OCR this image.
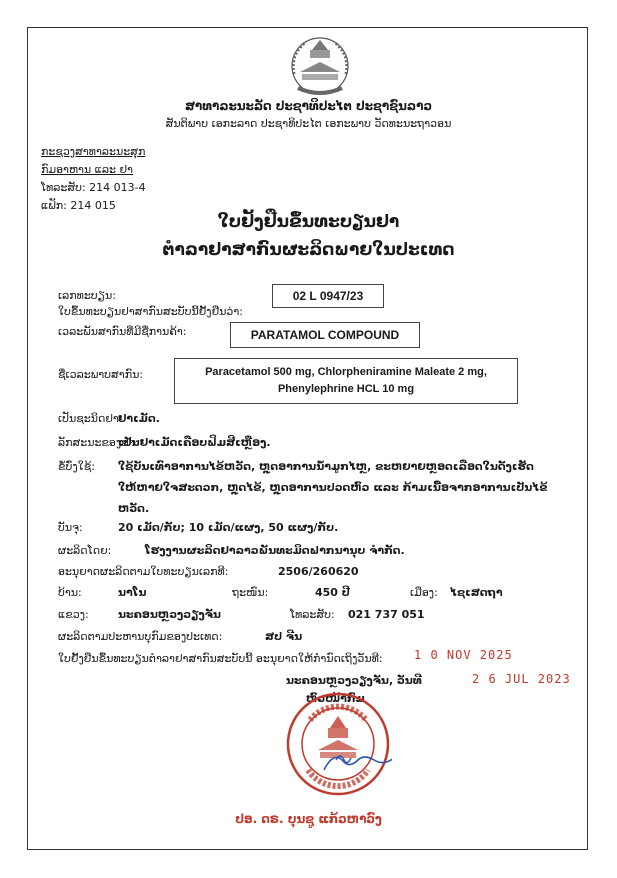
ສາທາລະນະລັດ ປະຊາທິປະໄຕ ປະຊາຊົນລາວ
ສັນຕິພາບ ເອກະລາດ ປະຊາທິປະໄຕ ເອກະພາບ ວັດທະນະຖາວອນ
ກະຊວງສາທາລະນະສຸກ
ກົມອາຫານ ແລະ ຢາ
ໂທລະສັບ: 214 013-4
ແຟັກ: 214 015
ໃບຢັ້ງຢືນຂຶ້ນທະບຽນຢາ
ຕຳລາຢາສາກົນຜະລິດພາຍໃນປະເທດ
ເລກທະບຽນ:	02 L 0947/23
ໃບຂຶ້ນທະບຽນຢາສາກົນສະບັບນີ້ຢັ້ງຢືນວ່າ:
ເວລະພັນສາກົນທີ່ມີຊື່ການຄ້າ:	PARATAMOL COMPOUND
ຊື່ເວລະພາບສາກົນ:	Paracetamol 500 mg, Chlorpheniramine Maleate 2 mg,
Phenylephrine HCL 10 mg
ເປັນຊະນິດຢາ:
ຢາເມັດ.
ລັກສະນະຂອງຢາ:
ເປັນຢາເມັດເຄືອບຟິມສີເຫຼືອງ.
ຂໍ້ບົ່ງໃຊ້: ໃຊ້ບັນເທົາອາການໄຂ້ຫວັດ, ຫຼຸດອາການນ້ຳມູກໄຫຼ, ຂະຫຍາຍຫຼອດເລືອດໃນດັງເຮັດ
ໃຫ້ຫາຍໃຈສະດວກ, ຫຼຸດໄຂ້, ຫຼຸດອາການປວດຫົວ ແລະ ກ້າມເນື້ອຈາກອາການເປັນໄຂ້
ຫວັດ.
ບັນຈຸ:	20 ເມັດ/ກັບ; 10 ເມັດ/ແຜງ, 50 ແຜງ/ກັບ.
ຜະລິດໂດຍ:	ໂຮງງານຜະລິດຢາລາວພັນທະມິດຟາກນານຸບ ຈຳກັດ.
ອະນຸຍາດຜະລິດຕາມໃບທະບຽນເລກທີ:	2506/260620
ບ້ານ:	ນາໂນ	ຖະໜົນ:	450 ປີ	ເມືອງ: ໄຊເສດຖາ
ແຂວງ:	ນະຄອນຫຼວງວຽງຈັນ	ໂທລະສັບ: 021 737 051
ຜະລິດຕາມປະຫານບຸກົມຂອງປະເທດ:	ສປ ຈີນ
ໃບຢັ້ງຢືນຂຶ້ນທະບຽນຕຳລາຢາສາກົນສະບັບນີ້ ອະນຸຍາດໃຫ້ກຳນົດເຖິງວັນທີ:	1 0 NOV 2025
ນະຄອນຫຼວງວຽງຈັນ, ວັນທີ	2 6 JUL 2023
ຫົວໜ້າກົມ
ປອ. ດຣ. ບຸນຊູ ແກ້ວຫາວົງ
